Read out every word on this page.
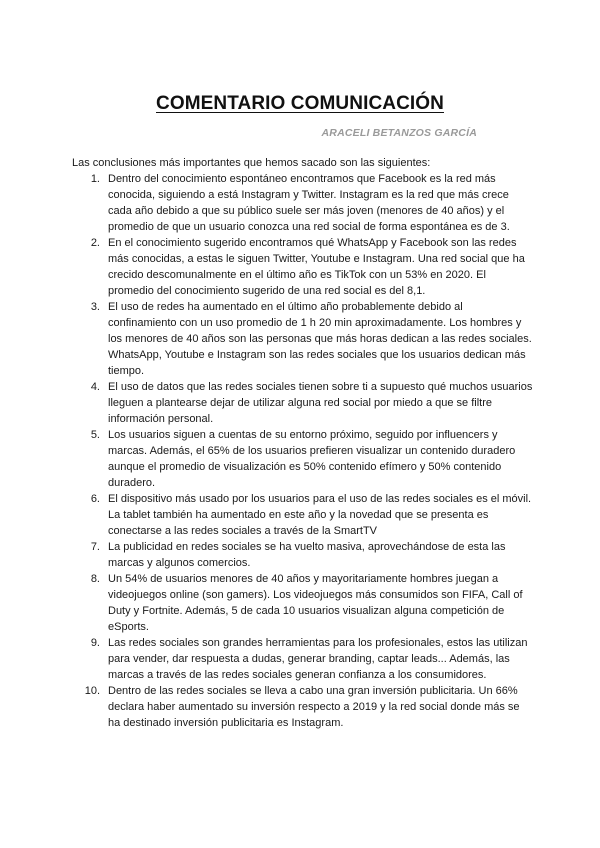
COMENTARIO COMUNICACIÓN
ARACELI BETANZOS GARCÍA
Las conclusiones más importantes que hemos sacado son las siguientes:
1. Dentro del conocimiento espontáneo encontramos que Facebook es la red más conocida, siguiendo a está Instagram y Twitter. Instagram es la red que más crece cada año debido a que su público suele ser más joven (menores de 40 años) y el promedio de que un usuario conozca una red social de forma espontánea es de 3.
2. En el conocimiento sugerido encontramos qué WhatsApp y Facebook son las redes más conocidas, a estas le siguen Twitter, Youtube e Instagram. Una red social que ha crecido descomunalmente en el último año es TikTok con un 53% en 2020. El promedio del conocimiento sugerido de una red social es del 8,1.
3. El uso de redes ha aumentado en el último año probablemente debido al confinamiento con un uso promedio de 1 h 20 min aproximadamente. Los hombres y los menores de 40 años son las personas que más horas dedican a las redes sociales. WhatsApp, Youtube e Instagram son las redes sociales que los usuarios dedican más tiempo.
4. El uso de datos que las redes sociales tienen sobre ti a supuesto qué muchos usuarios lleguen a plantearse dejar de utilizar alguna red social por miedo a que se filtre información personal.
5. Los usuarios siguen a cuentas de su entorno próximo, seguido por influencers y marcas. Además, el 65% de los usuarios prefieren visualizar un contenido duradero aunque el promedio de visualización es 50% contenido efímero y 50% contenido duradero.
6. El dispositivo más usado por los usuarios para el uso de las redes sociales es el móvil. La tablet también ha aumentado en este año y la novedad que se presenta es conectarse a las redes sociales a través de la SmartTV
7. La publicidad en redes sociales se ha vuelto masiva, aprovechándose de esta las marcas y algunos comercios.
8. Un 54% de usuarios menores de 40 años y mayoritariamente hombres juegan a videojuegos online (son gamers). Los videojuegos más consumidos son FIFA, Call of Duty y Fortnite. Además, 5 de cada 10 usuarios visualizan alguna competición de eSports.
9. Las redes sociales son grandes herramientas para los profesionales, estos las utilizan para vender, dar respuesta a dudas, generar branding, captar leads... Además, las marcas a través de las redes sociales generan confianza a los consumidores.
10. Dentro de las redes sociales se lleva a cabo una gran inversión publicitaria. Un 66% declara haber aumentado su inversión respecto a 2019 y la red social donde más se ha destinado inversión publicitaria es Instagram.
